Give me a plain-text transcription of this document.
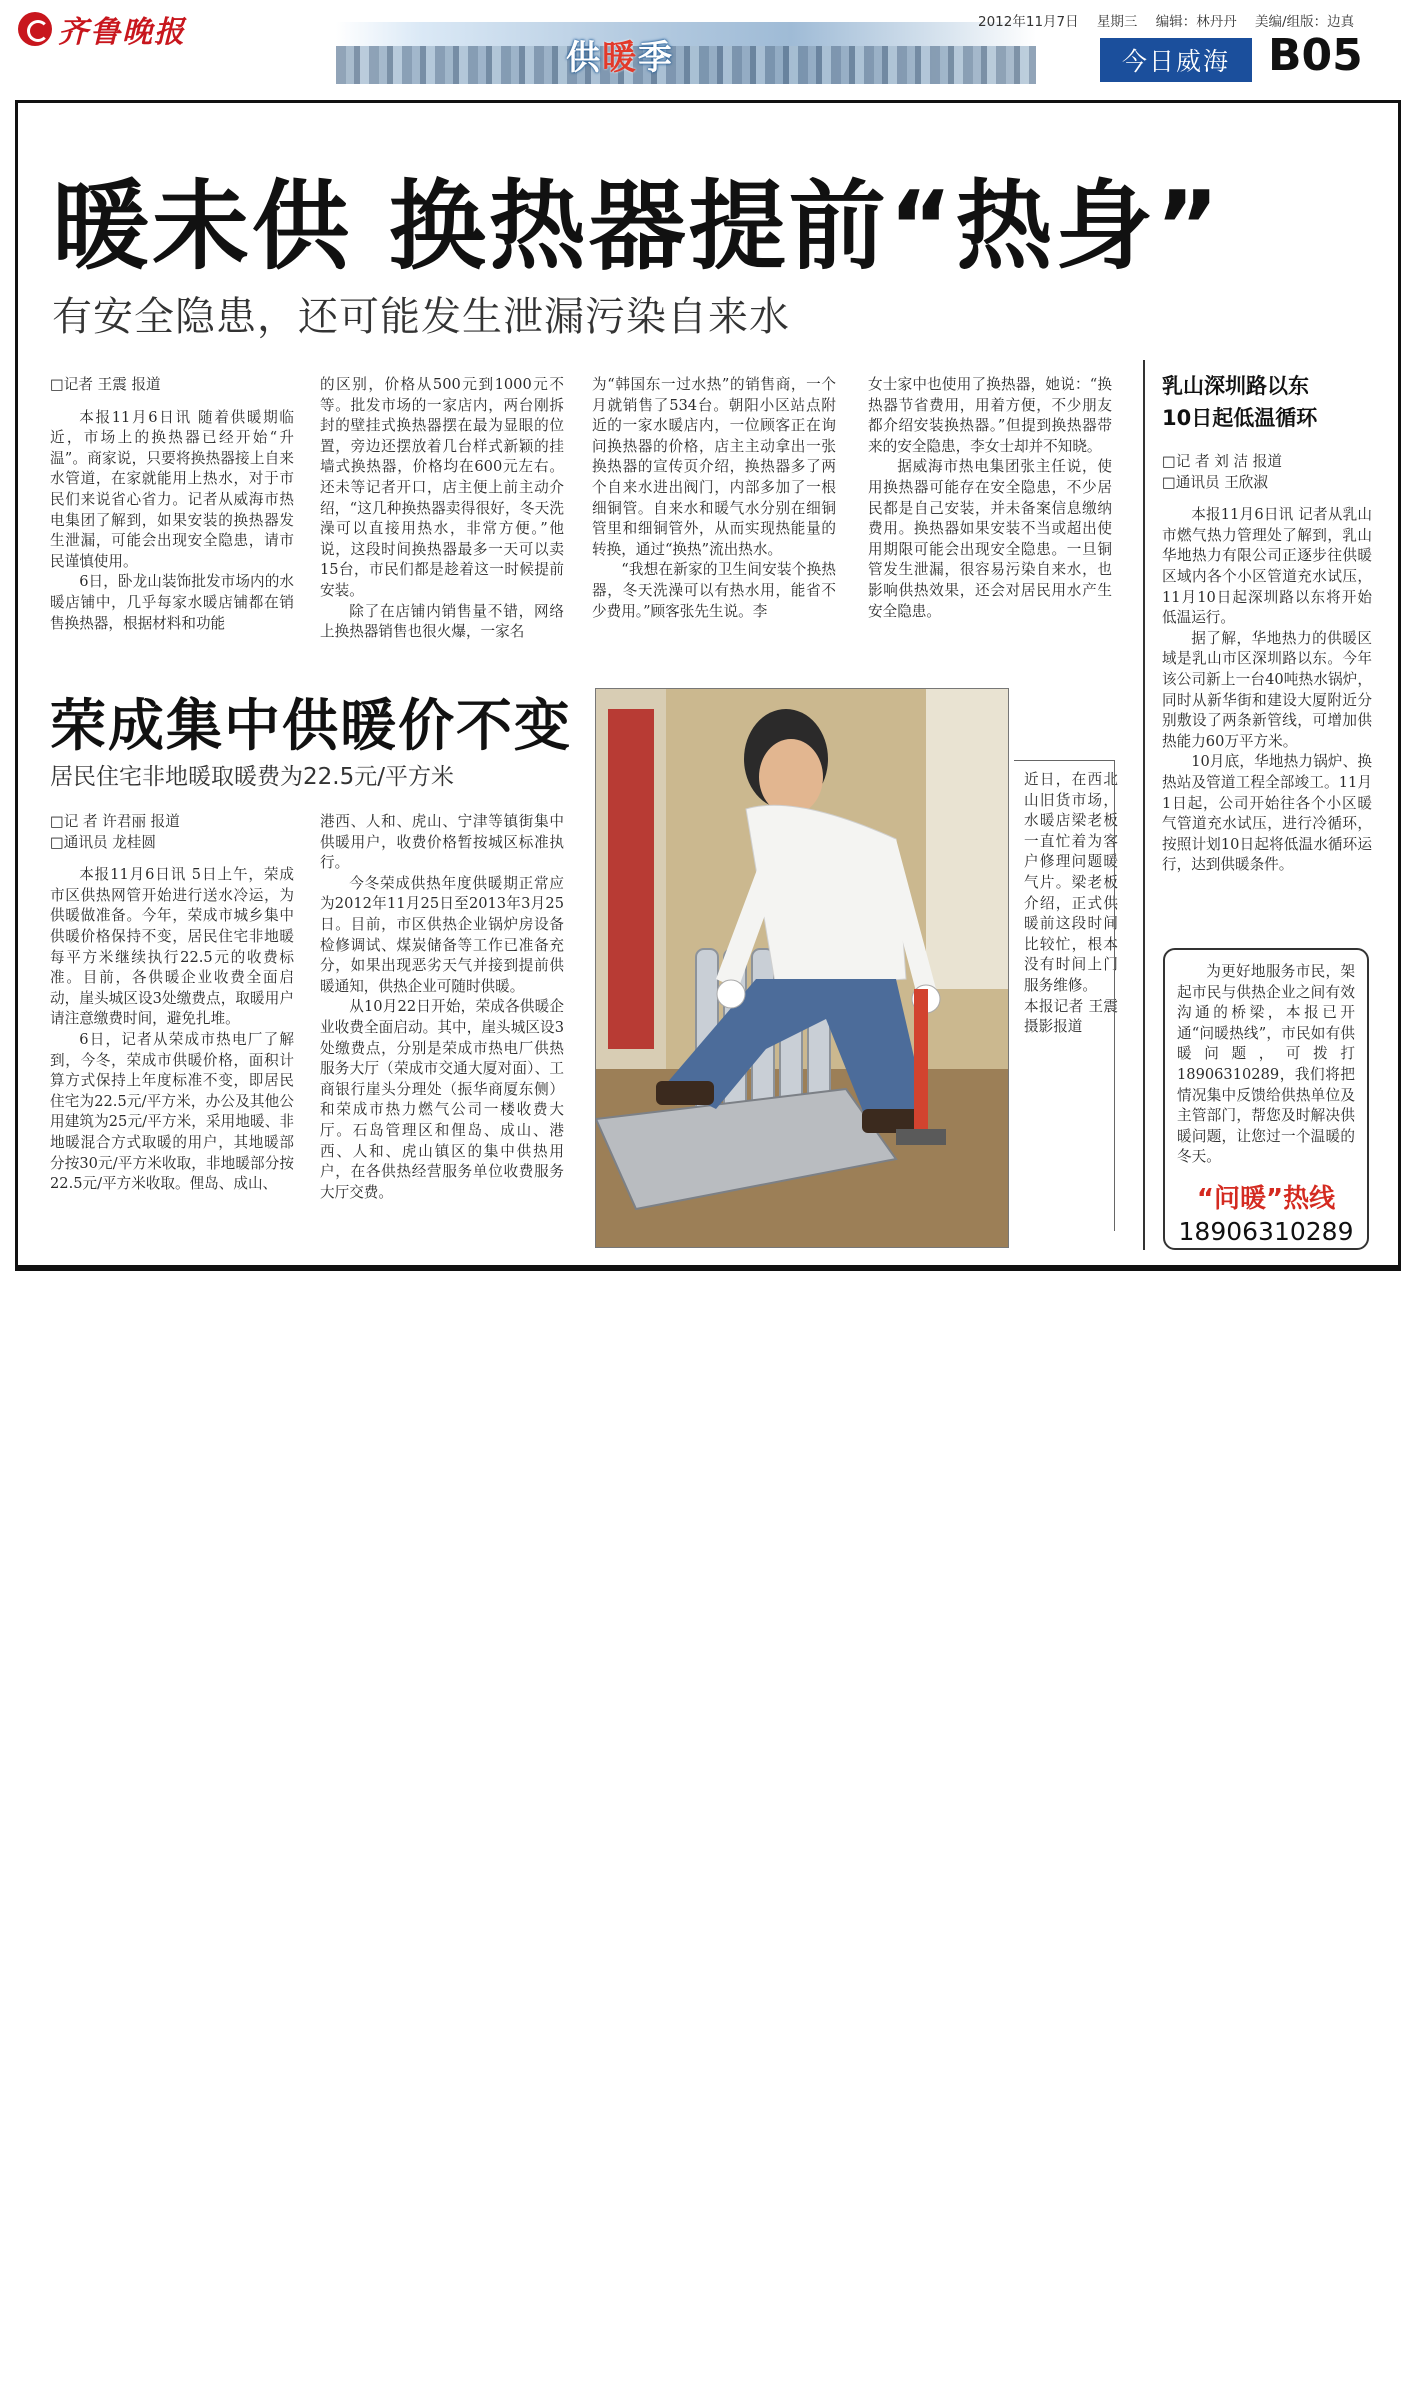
齐鲁晚报
供暖季
2012年11月7日 星期三 编辑：林丹丹 美编/组版：边真
今日威海 B05
暖未供 换热器提前“热身”
有安全隐患，还可能发生泄漏污染自来水

□记者 王震 报道

本报11月6日讯 随着供暖期临近，市场上的换热器已经开始“升温”。商家说，只要将换热器接上自来水管道，在家就能用上热水，对于市民们来说省心省力。记者从威海市热电集团了解到，如果安装的换热器发生泄漏，可能会出现安全隐患，请市民谨慎使用。

6日，卧龙山装饰批发市场内的水暖店铺中，几乎每家水暖店铺都在销售换热器，根据材料和功能

的区别，价格从500元到1000元不等。批发市场的一家店内，两台刚拆封的壁挂式换热器摆在最为显眼的位置，旁边还摆放着几台样式新颖的挂墙式换热器，价格均在600元左右。还未等记者开口，店主便上前主动介绍，“这几种换热器卖得很好，冬天洗澡可以直接用热水，非常方便。”他说，这段时间换热器最多一天可以卖15台，市民们都是趁着这一时候提前安装。

除了在店铺内销售量不错，网络上换热器销售也很火爆，一家名

为“韩国东一过水热”的销售商，一个月就销售了534台。朝阳小区站点附近的一家水暖店内，一位顾客正在询问换热器的价格，店主主动拿出一张换热器的宣传页介绍，换热器多了两个自来水进出阀门，内部多加了一根细铜管。自来水和暖气水分别在细铜管里和细铜管外，从而实现热能量的转换，通过“换热”流出热水。

“我想在新家的卫生间安装个换热器，冬天洗澡可以有热水用，能省不少费用。”顾客张先生说。李

女士家中也使用了换热器，她说：“换热器节省费用，用着方便，不少朋友都介绍安装换热器。”但提到换热器带来的安全隐患，李女士却并不知晓。

据威海市热电集团张主任说，使用换热器可能存在安全隐患，不少居民都是自己安装，并未备案信息缴纳费用。换热器如果安装不当或超出使用期限可能会出现安全隐患。一旦铜管发生泄漏，很容易污染自来水，也影响供热效果，还会对居民用水产生安全隐患。

荣成集中供暖价不变
居民住宅非地暖取暖费为22.5元/平方米

□记 者 许君丽 报道

□通讯员 龙桂圆

本报11月6日讯 5日上午，荣成市区供热网管开始进行送水冷运，为供暖做准备。今年，荣成市城乡集中供暖价格保持不变，居民住宅非地暖每平方米继续执行22.5元的收费标准。目前，各供暖企业收费全面启动，崖头城区设3处缴费点，取暖用户请注意缴费时间，避免扎堆。

6日，记者从荣成市热电厂了解到，今冬，荣成市供暖价格，面积计算方式保持上年度标准不变，即居民住宅为22.5元/平方米，办公及其他公用建筑为25元/平方米，采用地暖、非地暖混合方式取暖的用户，其地暖部分按30元/平方米收取，非地暖部分按22.5元/平方米收取。俚岛、成山、

港西、人和、虎山、宁津等镇街集中供暖用户，收费价格暂按城区标准执行。

今冬荣成供热年度供暖期正常应为2012年11月25日至2013年3月25日。目前，市区供热企业锅炉房设备检修调试、煤炭储备等工作已准备充分，如果出现恶劣天气并接到提前供暖通知，供热企业可随时供暖。

从10月22日开始，荣成各供暖企业收费全面启动。其中，崖头城区设3处缴费点，分别是荣成市热电厂供热服务大厅（荣成市交通大厦对面）、工商银行崖头分理处（振华商厦东侧）和荣成市热力燃气公司一楼收费大厅。石岛管理区和俚岛、成山、港西、人和、虎山镇区的集中供热用户，在各供热经营服务单位收费服务大厅交费。

近日，在西北山旧货市场，水暖店梁老板一直忙着为客户修理问题暖气片。梁老板介绍，正式供暖前这段时间比较忙，根本没有时间上门服务维修。
本报记者 王震 摄影报道
乳山深圳路以东
10日起低温循环

□记 者 刘 洁 报道

□通讯员 王欣淑

本报11月6日讯 记者从乳山市燃气热力管理处了解到，乳山华地热力有限公司正逐步往供暖区域内各个小区管道充水试压，11月10日起深圳路以东将开始低温运行。

据了解，华地热力的供暖区域是乳山市区深圳路以东。今年该公司新上一台40吨热水锅炉，同时从新华街和建设大厦附近分别敷设了两条新管线，可增加供热能力60万平方米。

10月底，华地热力锅炉、换热站及管道工程全部竣工。11月1日起，公司开始往各个小区暖气管道充水试压，进行冷循环，按照计划10日起将低温水循环运行，达到供暖条件。

为更好地服务市民，架起市民与供热企业之间有效沟通的桥梁，本报已开通“问暖热线”，市民如有供暖问题，可拨打18906310289，我们将把情况集中反馈给供热单位及主管部门，帮您及时解决供暖问题，让您过一个温暖的冬天。
“问暖”热线
18906310289
